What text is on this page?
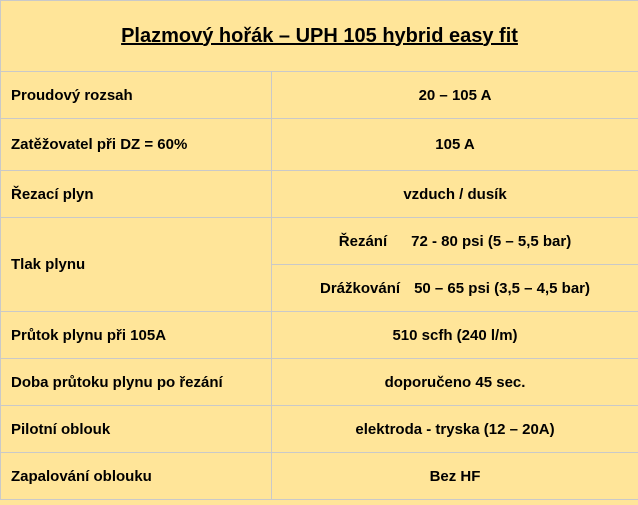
Plazmový hořák – UPH 105 hybrid easy fit	
Proudový rozsah	20 – 105 A
Zatěžovatel při DZ = 60%	105 A
Řezací plyn	vzduch / dusík
Tlak plynu	Řezání 72 - 80 psi (5 – 5,5 bar)
	Drážkování 50 – 65 psi (3,5 – 4,5 bar)
Průtok plynu při 105A	510 scfh (240 l/m)
Doba průtoku plynu po řezání	doporučeno 45 sec.
Pilotní oblouk	elektroda - tryska (12 – 20A)
Zapalování oblouku	Bez HF
